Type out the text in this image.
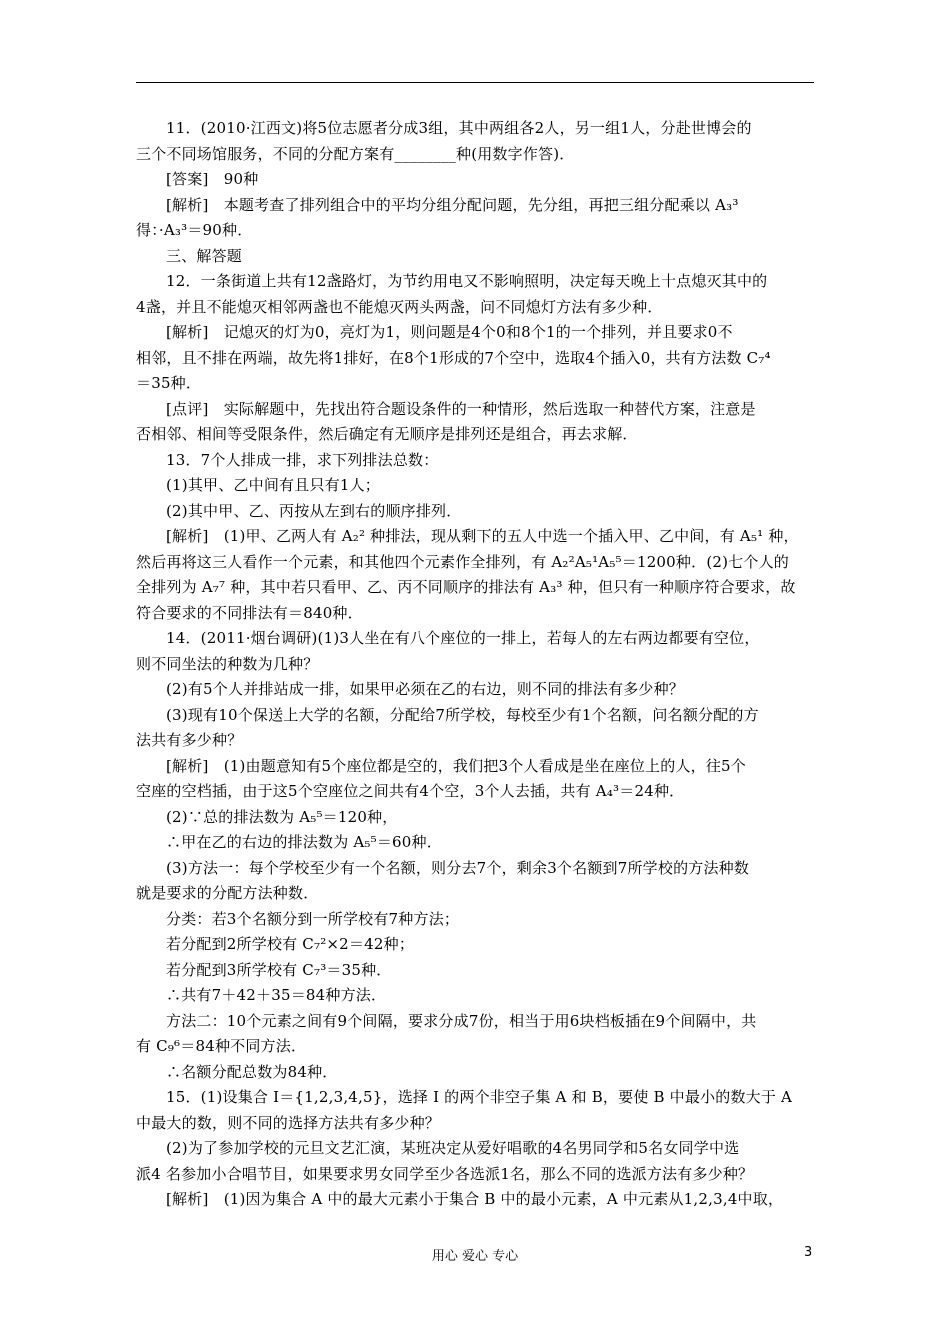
11．(2010·江西文)将5位志愿者分成3组，其中两组各2人，另一组1人，分赴世博会的
三个不同场馆服务，不同的分配方案有________种(用数字作答)．
[答案]　90种
[解析]　本题考查了排列组合中的平均分组分配问题，先分组，再把三组分配乘以 A₃³
得：·A₃³＝90种．
三、解答题
12．一条街道上共有12盏路灯，为节约用电又不影响照明，决定每天晚上十点熄灭其中的
4盏，并且不能熄灭相邻两盏也不能熄灭两头两盏，问不同熄灯方法有多少种．
[解析]　记熄灭的灯为0，亮灯为1，则问题是4个0和8个1的一个排列，并且要求0不
相邻，且不排在两端，故先将1排好，在8个1形成的7个空中，选取4个插入0，共有方法数 C₇⁴
＝35种．
[点评]　实际解题中，先找出符合题设条件的一种情形，然后选取一种替代方案，注意是
否相邻、相间等受限条件，然后确定有无顺序是排列还是组合，再去求解．
13．7个人排成一排，求下列排法总数：
(1)其甲、乙中间有且只有1人；
(2)其中甲、乙、丙按从左到右的顺序排列．
[解析]　(1)甲、乙两人有 A₂² 种排法，现从剩下的五人中选一个插入甲、乙中间，有 A₅¹ 种，
然后再将这三人看作一个元素，和其他四个元素作全排列，有 A₂²A₅¹A₅⁵＝1200种．(2)七个人的
全排列为 A₇⁷ 种，其中若只看甲、乙、丙不同顺序的排法有 A₃³ 种，但只有一种顺序符合要求，故
符合要求的不同排法有＝840种．
14．(2011·烟台调研)(1)3人坐在有八个座位的一排上，若每人的左右两边都要有空位，
则不同坐法的种数为几种？
(2)有5个人并排站成一排，如果甲必须在乙的右边，则不同的排法有多少种？
(3)现有10个保送上大学的名额，分配给7所学校，每校至少有1个名额，问名额分配的方
法共有多少种？
[解析]　(1)由题意知有5个座位都是空的，我们把3个人看成是坐在座位上的人，往5个
空座的空档插，由于这5个空座位之间共有4个空，3个人去插，共有 A₄³＝24种．
(2)∵总的排法数为 A₅⁵＝120种，
∴甲在乙的右边的排法数为 A₅⁵＝60种．
(3)方法一：每个学校至少有一个名额，则分去7个，剩余3个名额到7所学校的方法种数
就是要求的分配方法种数．
分类：若3个名额分到一所学校有7种方法；
若分配到2所学校有 C₇²×2＝42种；
若分配到3所学校有 C₇³＝35种．
∴共有7＋42＋35＝84种方法．
方法二：10个元素之间有9个间隔，要求分成7份，相当于用6块档板插在9个间隔中，共
有 C₉⁶＝84种不同方法．
∴名额分配总数为84种．
15．(1)设集合 I＝{1,2,3,4,5}，选择 I 的两个非空子集 A 和 B，要使 B 中最小的数大于 A
中最大的数，则不同的选择方法共有多少种？
(2)为了参加学校的元旦文艺汇演，某班决定从爱好唱歌的4名男同学和5名女同学中选
派4 名参加小合唱节目，如果要求男女同学至少各选派1名，那么不同的选派方法有多少种？
[解析]　(1)因为集合 A 中的最大元素小于集合 B 中的最小元素，A 中元素从1,2,3,4中取，
用心 爱心 专心	3
